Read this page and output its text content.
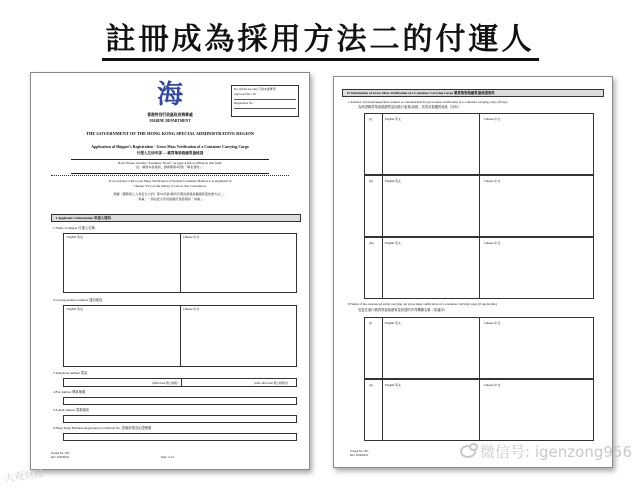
註冊成為採用方法二的付運人
海	For official use only 只供本處專用
Approved Yes / No
Registration No.
香港特別行政區政府海事處
MARINE DEPARTMENT
THE GOVERNMENT OF THE HONG KONG SPECIAL ADMINISTRATIVE REGION
Application of Shipper's Registration - Gross Mass Verification of a Container Carrying Cargo
付運人註冊申請 — 載貨集裝箱總質量核證
Note: Please read the "Guidance Notes" on page 4 before filling in this form.
註：填寫本表格前，請參閱第4頁的「填表須知」。
In accordance with Gross Mass Verification of Packed Container Method 2 as stipulated in
Chapter VI-2 of the Safety of Life at Sea Convention.
根據《國際海上人命安全公約》第VI章第2條所訂明的裝箱貨櫃總質量核證方法二，
「貨重」一詞在此文件指裝載於集裝箱的「貨重」。
I Applicant's Information 申請人資料
1 Name of shipper 付運人名稱
English 英文	Chinese 中文
2 Correspondence Address 通訊地址
English 英文	Chinese 中文
3 Telephone number 電話
(Office hour 辦公時間)	(After office hour 辦公時間外)
4 Fax number 傳真號碼
5 E-mail address 電郵地址
6 Hong Kong Business Registration Certificate No. 香港商業登記證號碼
Version No.: 003
Rev: 2016/06/22	Page 1 of 4
II Information of Gross Mass Verification of a Container Carrying Cargo 載貨集裝箱總質量核證資料
7 Address of packed/unpacked, washed or containerized for gross mass verification of a container carrying cargo (if any)
為核證載貨集裝箱總質量而進行裝箱/拆箱、清洗或裝櫃的地址（如有）
(i)	English 英文	Chinese 中文
(ii)	English 英文	Chinese 中文
(iii)	English 英文	Chinese 中文
8 Name of the outsourced entity carrying out gross mass verification of a container carrying cargo (if applicable)
受委託進行載貨集裝箱總質量核證的外判機構名稱（如適用）
(i)	English 英文	Chinese 中文
(ii)	English 英文	Chinese 中文
Version No.: 003
Rev: 2016/06/22	微信号: igenzong956
大观财经
